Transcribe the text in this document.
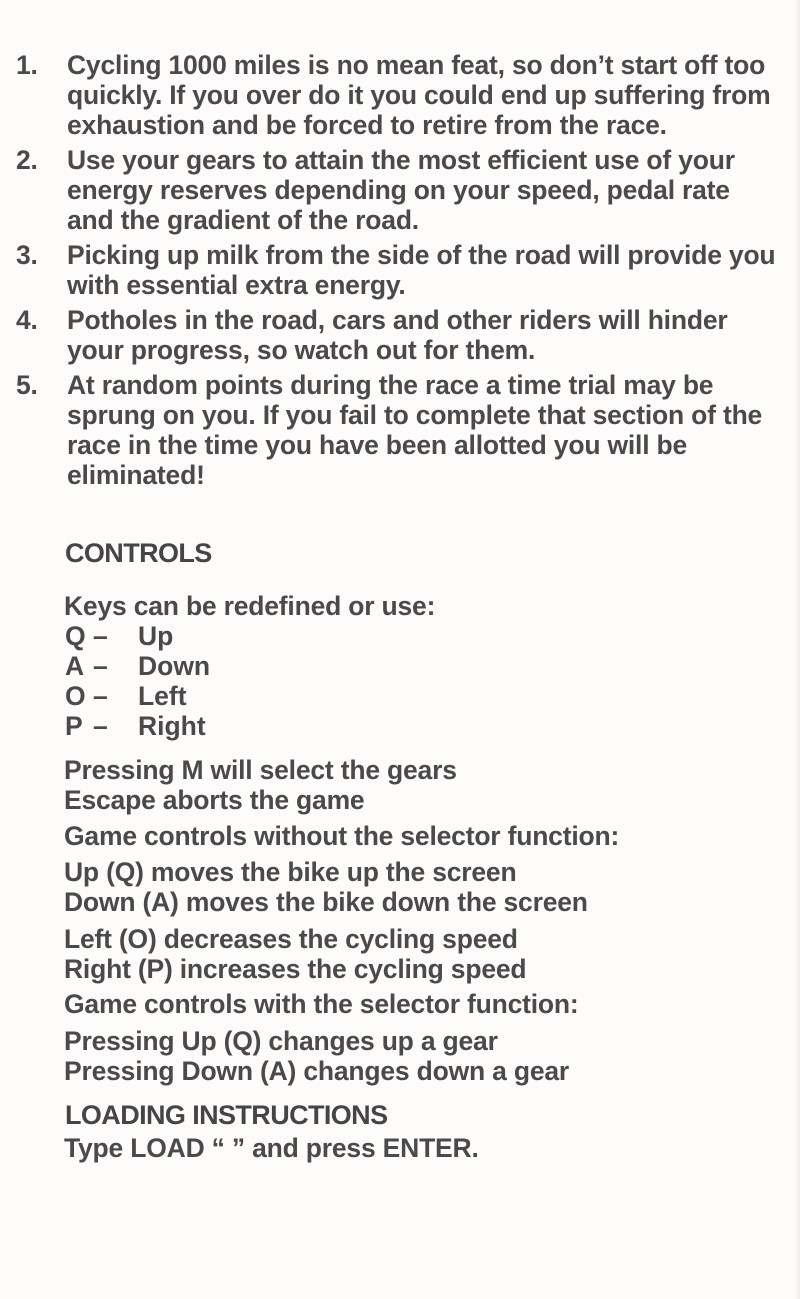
1. Cycling 1000 miles is no mean feat, so don’t start off too quickly. If you over do it you could end up suffering from exhaustion and be forced to retire from the race.
2. Use your gears to attain the most efficient use of your energy reserves depending on your speed, pedal rate and the gradient of the road.
3. Picking up milk from the side of the road will provide you with essential extra energy.
4. Potholes in the road, cars and other riders will hinder your progress, so watch out for them.
5. At random points during the race a time trial may be sprung on you. If you fail to complete that section of the race in the time you have been allotted you will be eliminated!
CONTROLS
Keys can be redefined or use:
Q – Up
A – Down
O – Left
P – Right
Pressing M will select the gears
Escape aborts the game
Game controls without the selector function:
Up (Q) moves the bike up the screen
Down (A) moves the bike down the screen
Left (O) decreases the cycling speed
Right (P) increases the cycling speed
Game controls with the selector function:
Pressing Up (Q) changes up a gear
Pressing Down (A) changes down a gear
LOADING INSTRUCTIONS
Type LOAD “ ” and press ENTER.
